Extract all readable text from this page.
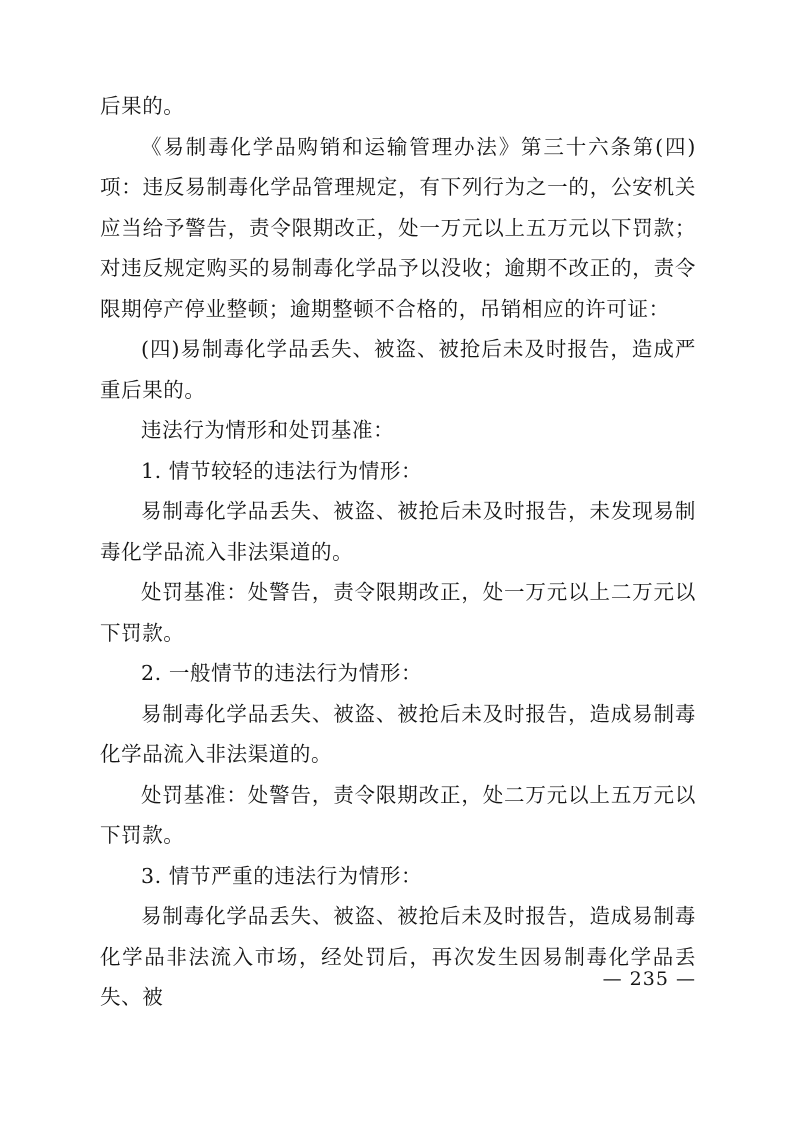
后果的。

《易制毒化学品购销和运输管理办法》第三十六条第(四)项：违反易制毒化学品管理规定，有下列行为之一的，公安机关应当给予警告，责令限期改正，处一万元以上五万元以下罚款；对违反规定购买的易制毒化学品予以没收；逾期不改正的，责令限期停产停业整顿；逾期整顿不合格的，吊销相应的许可证：

(四)易制毒化学品丢失、被盗、被抢后未及时报告，造成严重后果的。

违法行为情形和处罚基准：

1. 情节较轻的违法行为情形：

易制毒化学品丢失、被盗、被抢后未及时报告，未发现易制毒化学品流入非法渠道的。

处罚基准：处警告，责令限期改正，处一万元以上二万元以下罚款。

2. 一般情节的违法行为情形：

易制毒化学品丢失、被盗、被抢后未及时报告，造成易制毒化学品流入非法渠道的。

处罚基准：处警告，责令限期改正，处二万元以上五万元以下罚款。

3. 情节严重的违法行为情形：

易制毒化学品丢失、被盗、被抢后未及时报告，造成易制毒化学品非法流入市场，经处罚后，再次发生因易制毒化学品丢失、被

— 235 —
